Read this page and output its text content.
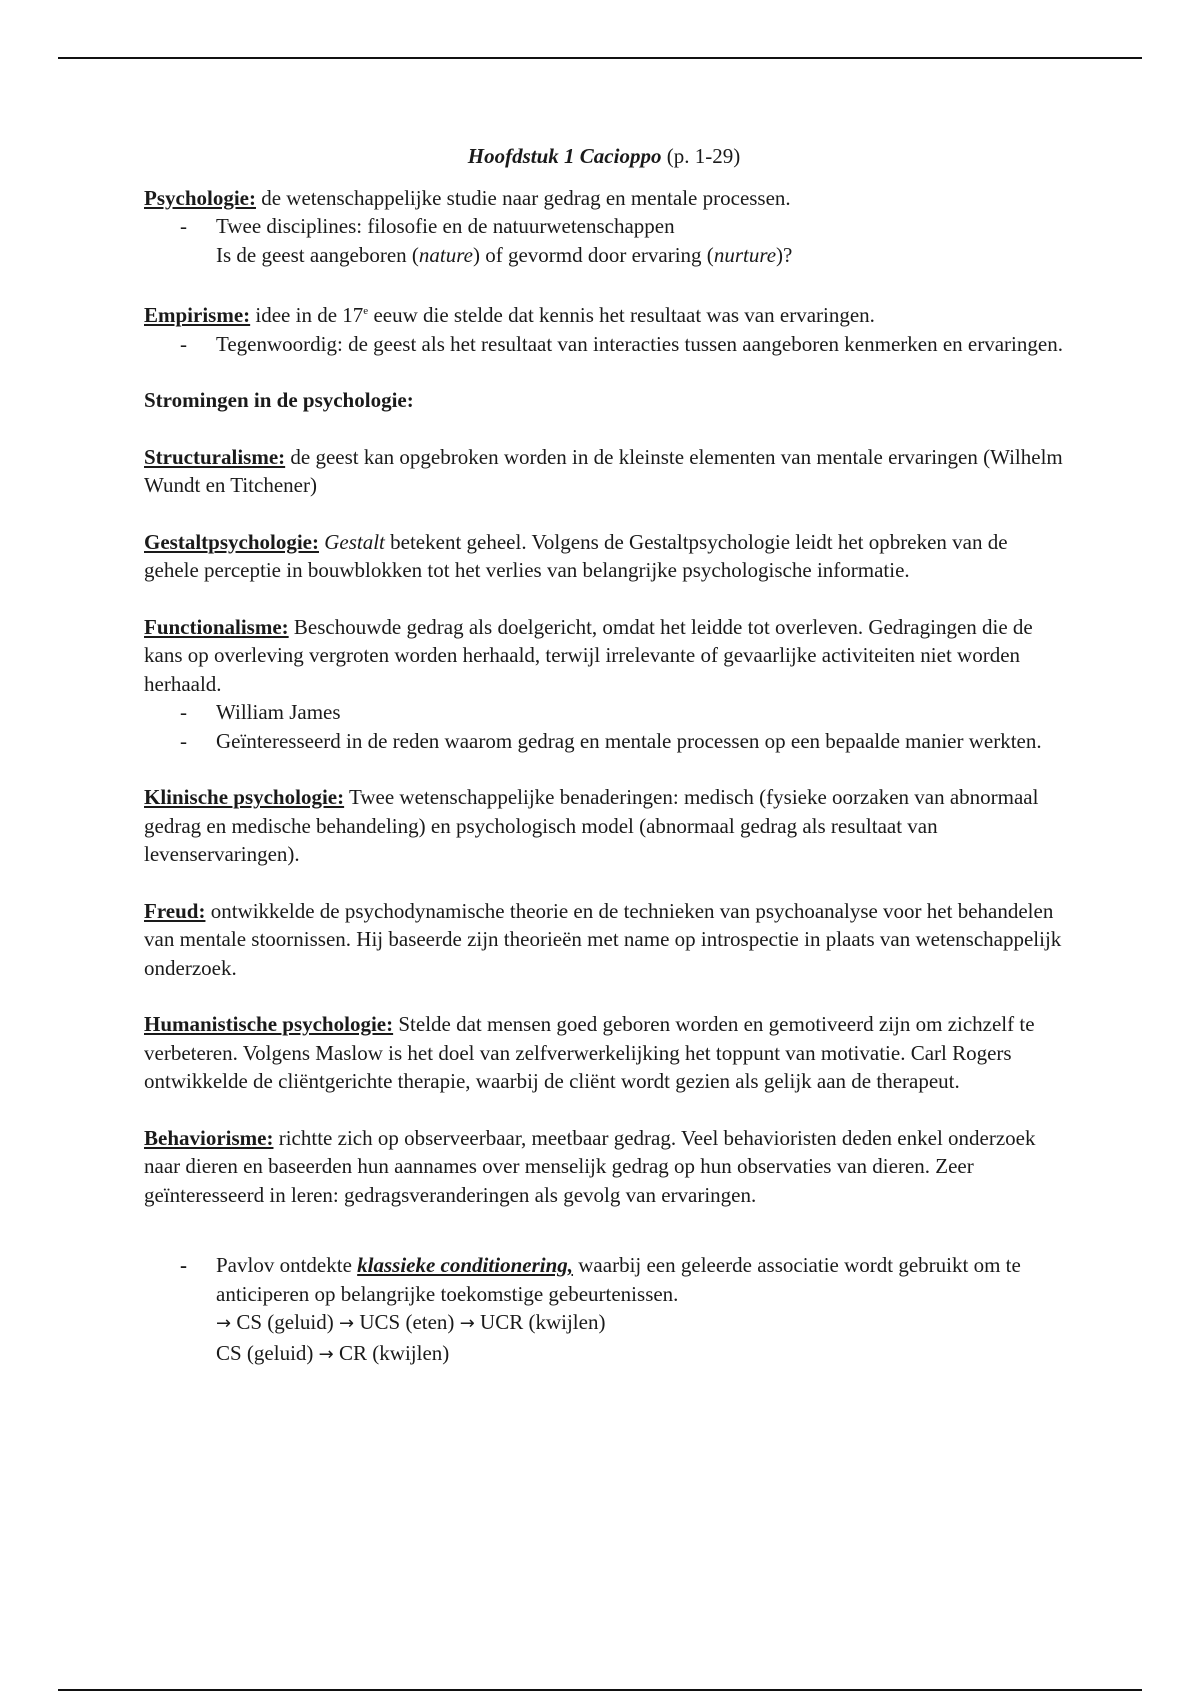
Hoofdstuk 1 Cacioppo (p. 1-29)
Psychologie: de wetenschappelijke studie naar gedrag en mentale processen.
- Twee disciplines: filosofie en de natuurwetenschappen
Is de geest aangeboren (nature) of gevormd door ervaring (nurture)?
Empirisme: idee in de 17e eeuw die stelde dat kennis het resultaat was van ervaringen.
- Tegenwoordig: de geest als het resultaat van interacties tussen aangeboren kenmerken en ervaringen.
Stromingen in de psychologie:
Structuralisme: de geest kan opgebroken worden in de kleinste elementen van mentale ervaringen (Wilhelm Wundt en Titchener)
Gestaltpsychologie: Gestalt betekent geheel. Volgens de Gestaltpsychologie leidt het opbreken van de gehele perceptie in bouwblokken tot het verlies van belangrijke psychologische informatie.
Functionalisme: Beschouwde gedrag als doelgericht, omdat het leidde tot overleven. Gedragingen die de kans op overleving vergroten worden herhaald, terwijl irrelevante of gevaarlijke activiteiten niet worden herhaald.
- William James
- Geïnteresseerd in de reden waarom gedrag en mentale processen op een bepaalde manier werkten.
Klinische psychologie: Twee wetenschappelijke benaderingen: medisch (fysieke oorzaken van abnormaal gedrag en medische behandeling) en psychologisch model (abnormaal gedrag als resultaat van levenservaringen).
Freud: ontwikkelde de psychodynamische theorie en de technieken van psychoanalyse voor het behandelen van mentale stoornissen. Hij baseerde zijn theorieën met name op introspectie in plaats van wetenschappelijk onderzoek.
Humanistische psychologie: Stelde dat mensen goed geboren worden en gemotiveerd zijn om zichzelf te verbeteren. Volgens Maslow is het doel van zelfverwerkelijking het toppunt van motivatie. Carl Rogers ontwikkelde de cliëntgerichte therapie, waarbij de cliënt wordt gezien als gelijk aan de therapeut.
Behaviorisme: richtte zich op observeerbaar, meetbaar gedrag. Veel behavioristen deden enkel onderzoek naar dieren en baseerden hun aannames over menselijk gedrag op hun observaties van dieren. Zeer geïnteresseerd in leren: gedragsveranderingen als gevolg van ervaringen.
- Pavlov ontdekte klassieke conditionering, waarbij een geleerde associatie wordt gebruikt om te anticiperen op belangrijke toekomstige gebeurtenissen.
→ CS (geluid) → UCS (eten) → UCR (kwijlen)
CS (geluid) → CR (kwijlen)
